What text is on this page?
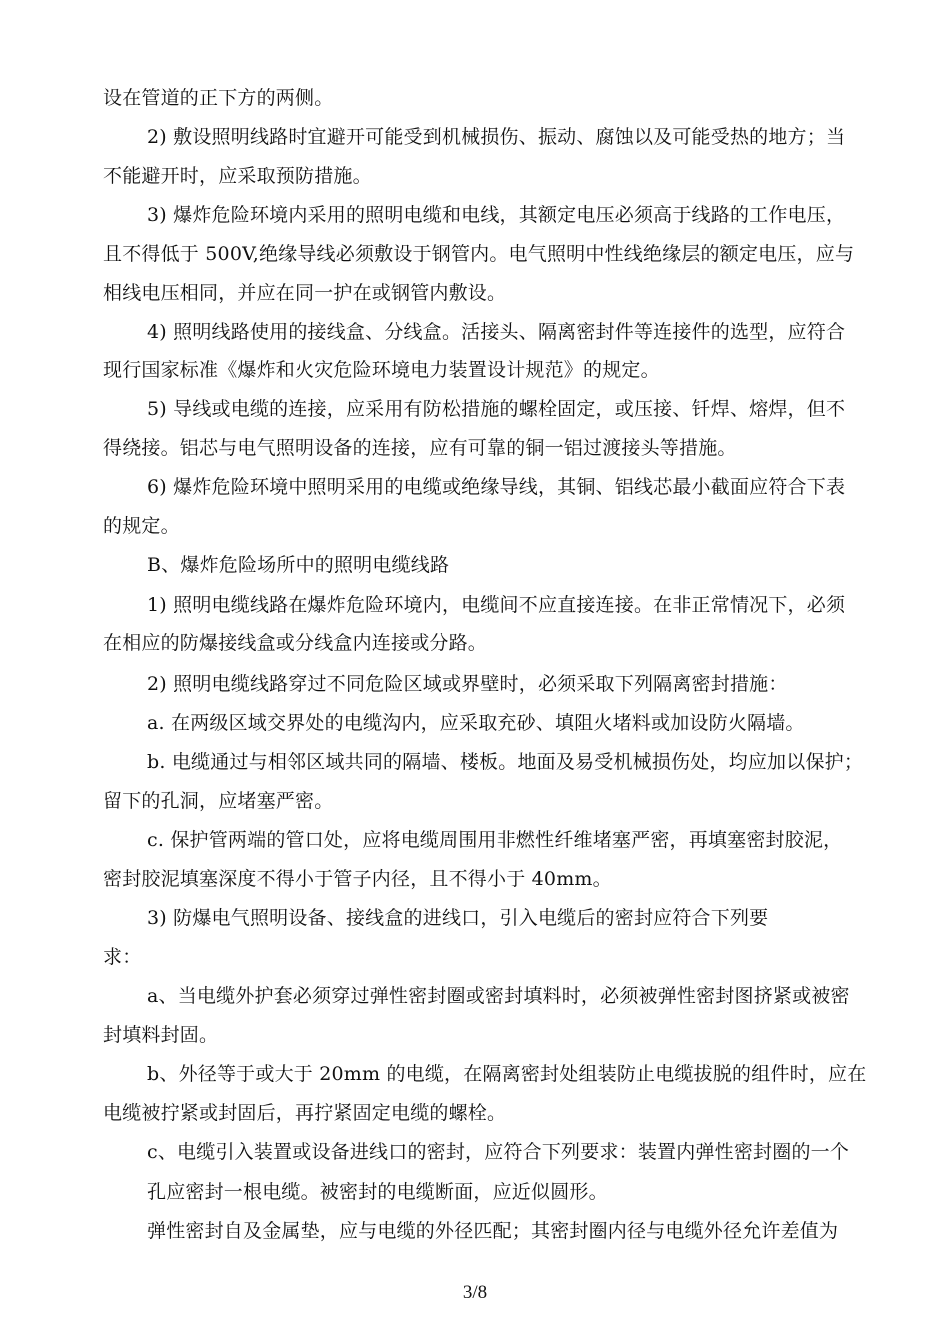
设在管道的正下方的两侧。
2) 敷设照明线路时宜避开可能受到机械损伤、振动、腐蚀以及可能受热的地方；当
不能避开时，应采取预防措施。
3) 爆炸危险环境内采用的照明电缆和电线，其额定电压必须高于线路的工作电压，
且不得低于 500V,绝缘导线必须敷设于钢管内。电气照明中性线绝缘层的额定电压，应与
相线电压相同，并应在同一护在或钢管内敷设。
4) 照明线路使用的接线盒、分线盒。活接头、隔离密封件等连接件的选型，应符合
现行国家标准《爆炸和火灾危险环境电力装置设计规范》的规定。
5) 导线或电缆的连接，应采用有防松措施的螺栓固定，或压接、钎焊、熔焊，但不
得绕接。铝芯与电气照明设备的连接，应有可靠的铜一铝过渡接头等措施。
6) 爆炸危险环境中照明采用的电缆或绝缘导线，其铜、铝线芯最小截面应符合下表
的规定。
B、爆炸危险场所中的照明电缆线路
1) 照明电缆线路在爆炸危险环境内，电缆间不应直接连接。在非正常情况下，必须
在相应的防爆接线盒或分线盒内连接或分路。
2) 照明电缆线路穿过不同危险区域或界壁时，必须采取下列隔离密封措施：
a. 在两级区域交界处的电缆沟内，应采取充砂、填阻火堵料或加设防火隔墙。
b. 电缆通过与相邻区域共同的隔墙、楼板。地面及易受机械损伤处，均应加以保护；
留下的孔洞，应堵塞严密。
c. 保护管两端的管口处，应将电缆周围用非燃性纤维堵塞严密，再填塞密封胶泥，
密封胶泥填塞深度不得小于管子内径，且不得小于 40mm。
3) 防爆电气照明设备、接线盒的进线口，引入电缆后的密封应符合下列要
求：
a、当电缆外护套必须穿过弹性密封圈或密封填料时，必须被弹性密封图挤紧或被密
封填料封固。
b、外径等于或大于 20mm 的电缆，在隔离密封处组装防止电缆拔脱的组件时，应在
电缆被拧紧或封固后，再拧紧固定电缆的螺栓。
c、电缆引入装置或设备进线口的密封，应符合下列要求：装置内弹性密封圈的一个
孔应密封一根电缆。被密封的电缆断面，应近似圆形。
弹性密封自及金属垫，应与电缆的外径匹配；其密封圈内径与电缆外径允许差值为
3/8
